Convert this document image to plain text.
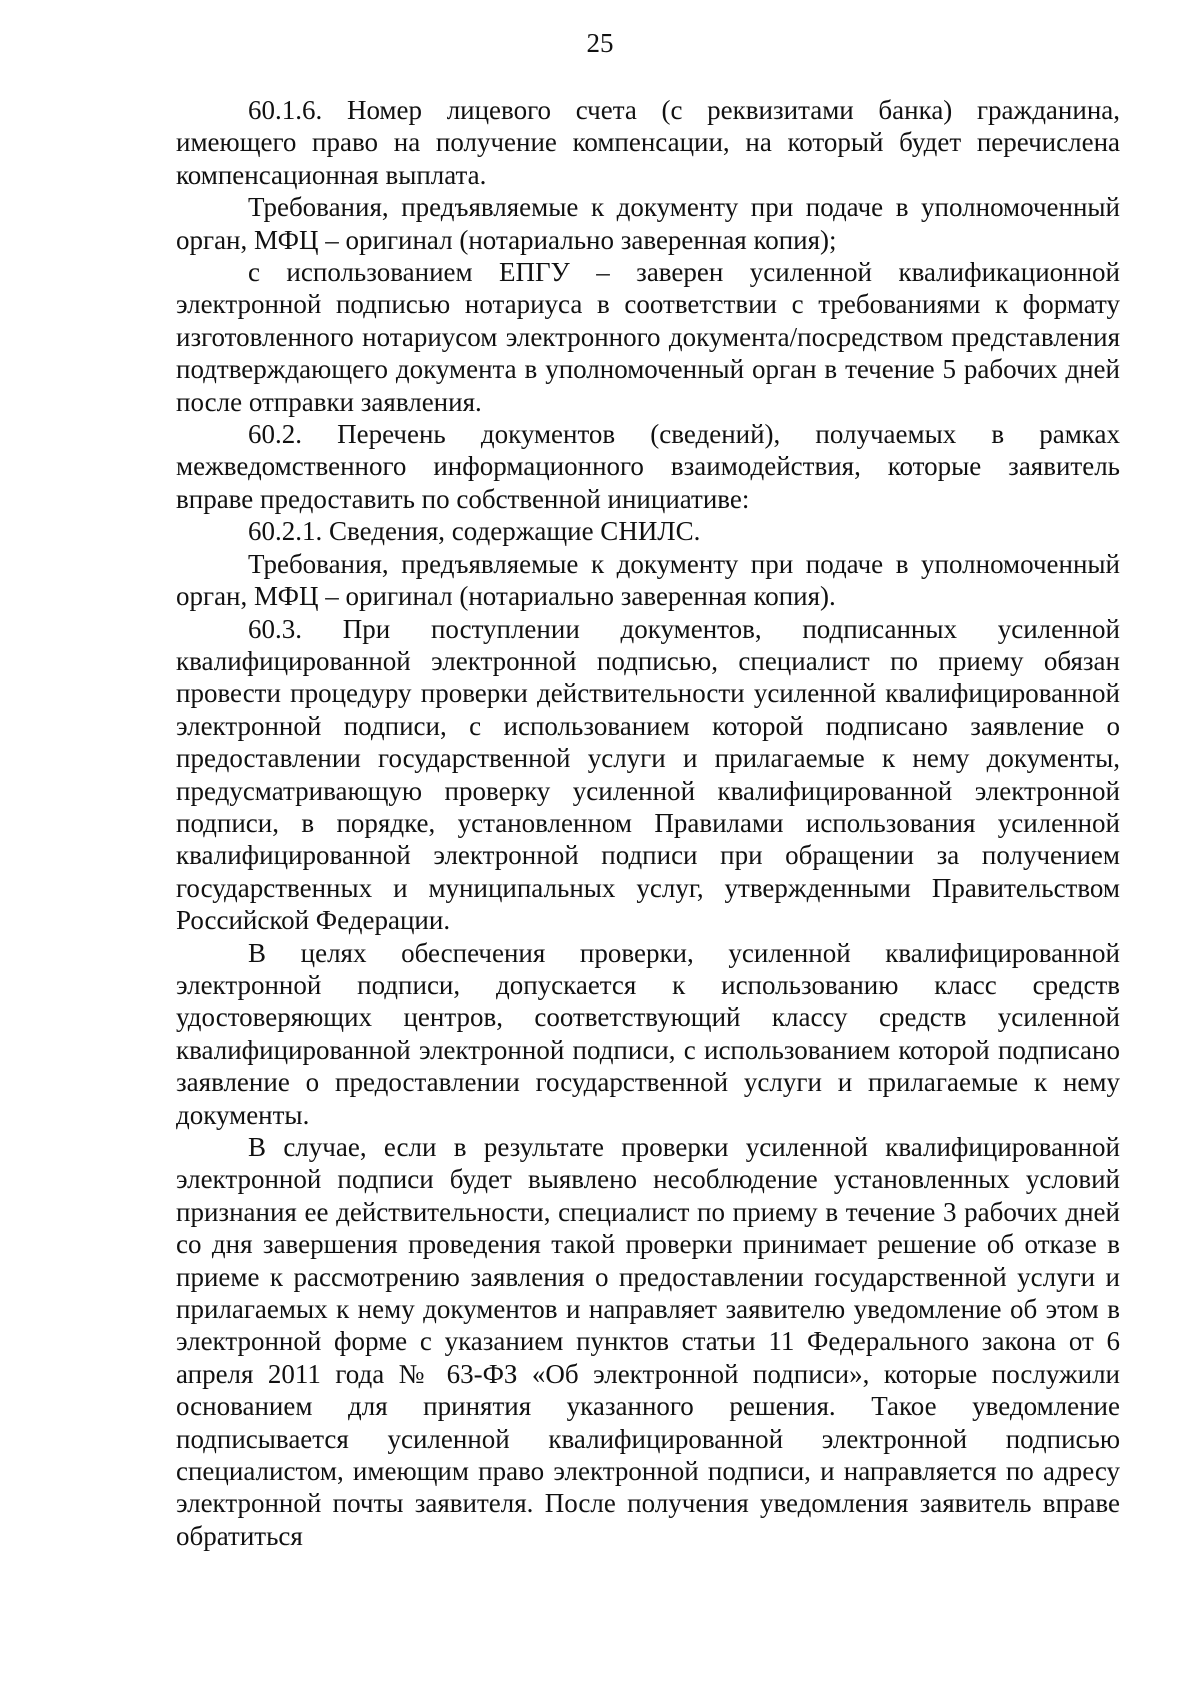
25

60.1.6. Номер лицевого счета (с реквизитами банка) гражданина, имеющего право на получение компенсации, на который будет перечислена компенсационная выплата.

Требования, предъявляемые к документу при подаче в уполномоченный орган, МФЦ – оригинал (нотариально заверенная копия);

с использованием ЕПГУ – заверен усиленной квалификационной электронной подписью нотариуса в соответствии с требованиями к формату изготовленного нотариусом электронного документа/посредством представления подтверждающего документа в уполномоченный орган в течение 5 рабочих дней после отправки заявления.

60.2. Перечень документов (сведений), получаемых в рамках межведомственного информационного взаимодействия, которые заявитель вправе предоставить по собственной инициативе:

60.2.1. Сведения, содержащие СНИЛС.

Требования, предъявляемые к документу при подаче в уполномоченный орган, МФЦ – оригинал (нотариально заверенная копия).

60.3. При поступлении документов, подписанных усиленной квалифицированной электронной подписью, специалист по приему обязан провести процедуру проверки действительности усиленной квалифицированной электронной подписи, с использованием которой подписано заявление о предоставлении государственной услуги и прилагаемые к нему документы, предусматривающую проверку усиленной квалифицированной электронной подписи, в порядке, установленном Правилами использования усиленной квалифицированной электронной подписи при обращении за получением государственных и муниципальных услуг, утвержденными Правительством Российской Федерации.

В целях обеспечения проверки, усиленной квалифицированной электронной подписи, допускается к использованию класс средств удостоверяющих центров, соответствующий классу средств усиленной квалифицированной электронной подписи, с использованием которой подписано заявление о предоставлении государственной услуги и прилагаемые к нему документы.

В случае, если в результате проверки усиленной квалифицированной электронной подписи будет выявлено несоблюдение установленных условий признания ее действительности, специалист по приему в течение 3 рабочих дней со дня завершения проведения такой проверки принимает решение об отказе в приеме к рассмотрению заявления о предоставлении государственной услуги и прилагаемых к нему документов и направляет заявителю уведомление об этом в электронной форме с указанием пунктов статьи 11 Федерального закона от 6 апреля 2011 года № 63-ФЗ «Об электронной подписи», которые послужили основанием для принятия указанного решения. Такое уведомление подписывается усиленной квалифицированной электронной подписью специалистом, имеющим право электронной подписи, и направляется по адресу электронной почты заявителя. После получения уведомления заявитель вправе обратиться
